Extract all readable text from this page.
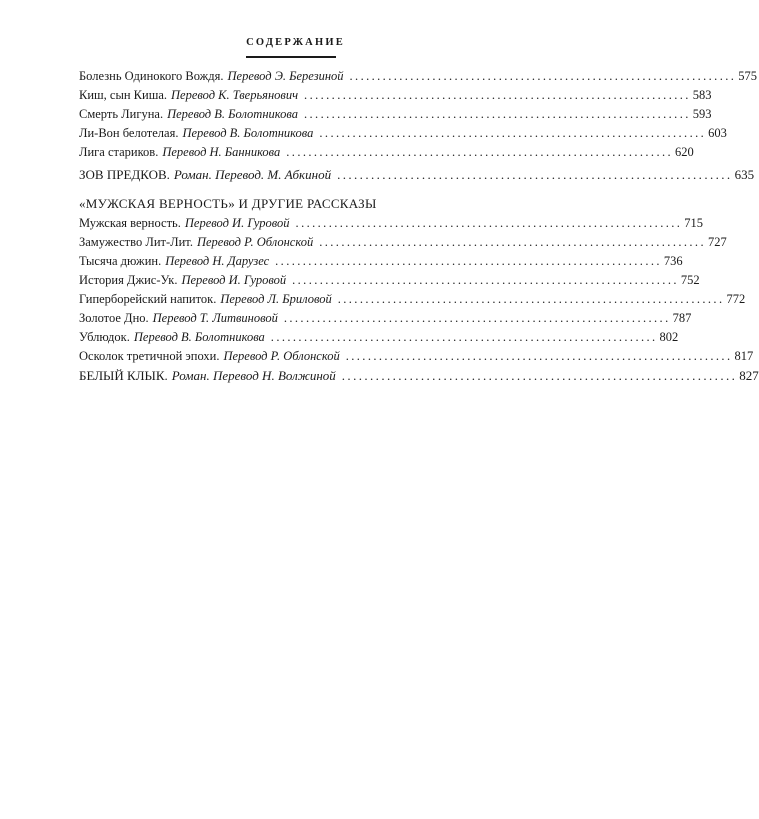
СОДЕРЖАНИЕ
Болезнь Одинокого Вождя. Перевод Э. Березиной ...................................................................... 575
Киш, сын Киша. Перевод К. Тверьянович ...................................................................... 583
Смерть Лигуна. Перевод В. Болотникова ...................................................................... 593
Ли-Вон белотелая. Перевод В. Болотникова ...................................................................... 603
Лига стариков. Перевод Н. Банникова ...................................................................... 620
ЗОВ ПРЕДКОВ. Роман. Перевод. М. Абкиной ...................................................................... 635
«МУЖСКАЯ ВЕРНОСТЬ» И ДРУГИЕ РАССКАЗЫ
Мужская верность. Перевод И. Гуровой ...................................................................... 715
Замужество Лит-Лит. Перевод Р. Облонской ...................................................................... 727
Тысяча дюжин. Перевод Н. Дарузес ...................................................................... 736
История Джис-Ук. Перевод И. Гуровой ...................................................................... 752
Гиперборейский напиток. Перевод Л. Бриловой ...................................................................... 772
Золотое Дно. Перевод Т. Литвиновой ...................................................................... 787
Ублюдок. Перевод В. Болотникова ...................................................................... 802
Осколок третичной эпохи. Перевод Р. Облонской ...................................................................... 817
БЕЛЫЙ КЛЫК. Роман. Перевод Н. Волжиной ...................................................................... 827
